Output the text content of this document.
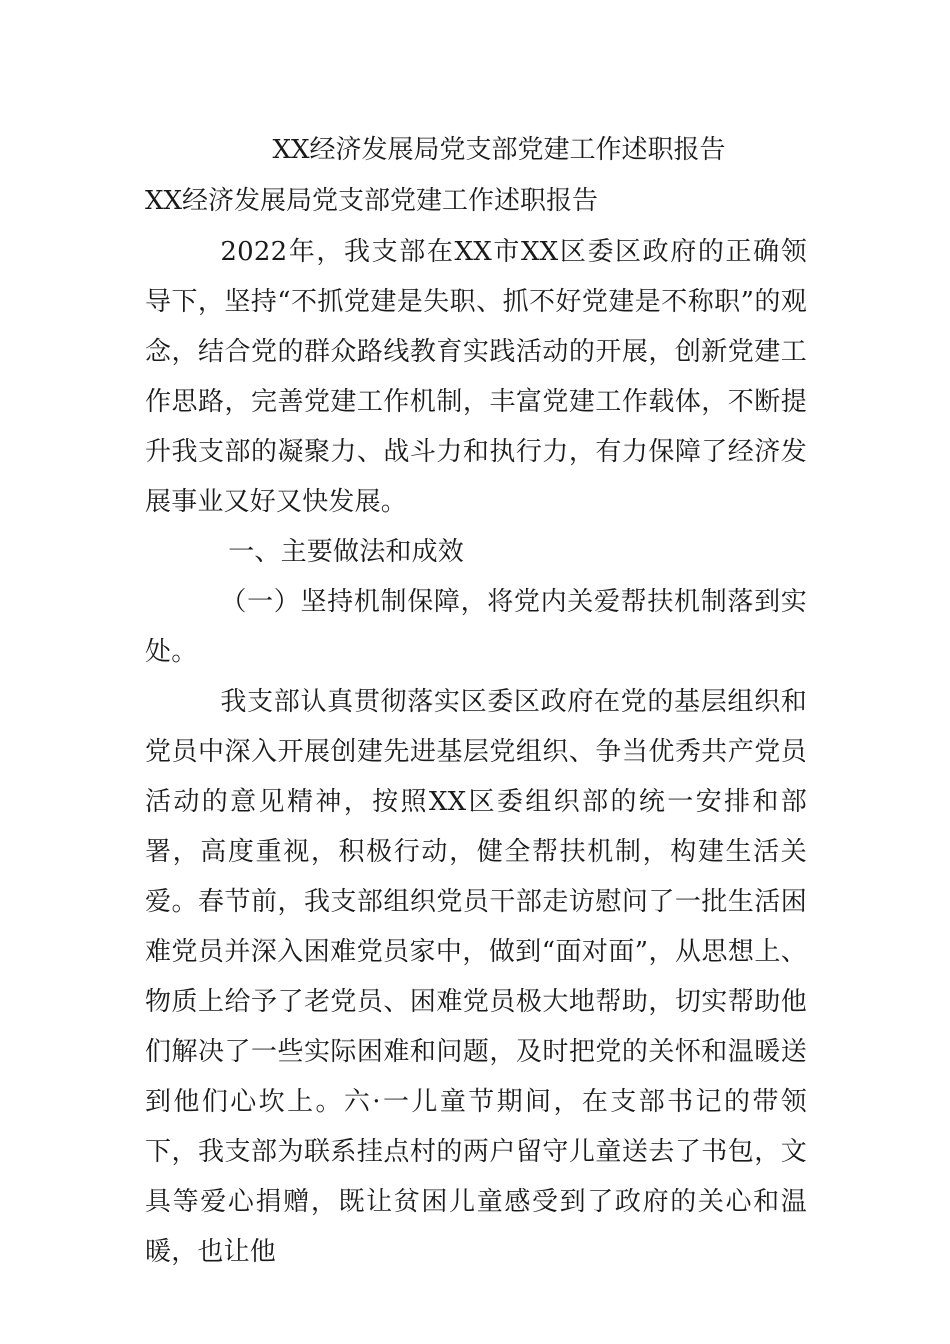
XX经济发展局党支部党建工作述职报告
XX经济发展局党支部党建工作述职报告

2022年，我支部在XX市XX区委区政府的正确领导下，坚持“不抓党建是失职、抓不好党建是不称职”的观念，结合党的群众路线教育实践活动的开展，创新党建工作思路，完善党建工作机制，丰富党建工作载体，不断提升我支部的凝聚力、战斗力和执行力，有力保障了经济发展事业又好又快发展。

一、主要做法和成效

（一）坚持机制保障，将党内关爱帮扶机制落到实处。

我支部认真贯彻落实区委区政府在党的基层组织和党员中深入开展创建先进基层党组织、争当优秀共产党员活动的意见精神，按照XX区委组织部的统一安排和部署，高度重视，积极行动，健全帮扶机制，构建生活关爱。春节前，我支部组织党员干部走访慰问了一批生活困难党员并深入困难党员家中，做到“面对面”，从思想上、物质上给予了老党员、困难党员极大地帮助，切实帮助他们解决了一些实际困难和问题，及时把党的关怀和温暖送到他们心坎上。六·一儿童节期间，在支部书记的带领下，我支部为联系挂点村的两户留守儿童送去了书包，文具等爱心捐赠，既让贫困儿童感受到了政府的关心和温暖，也让他
